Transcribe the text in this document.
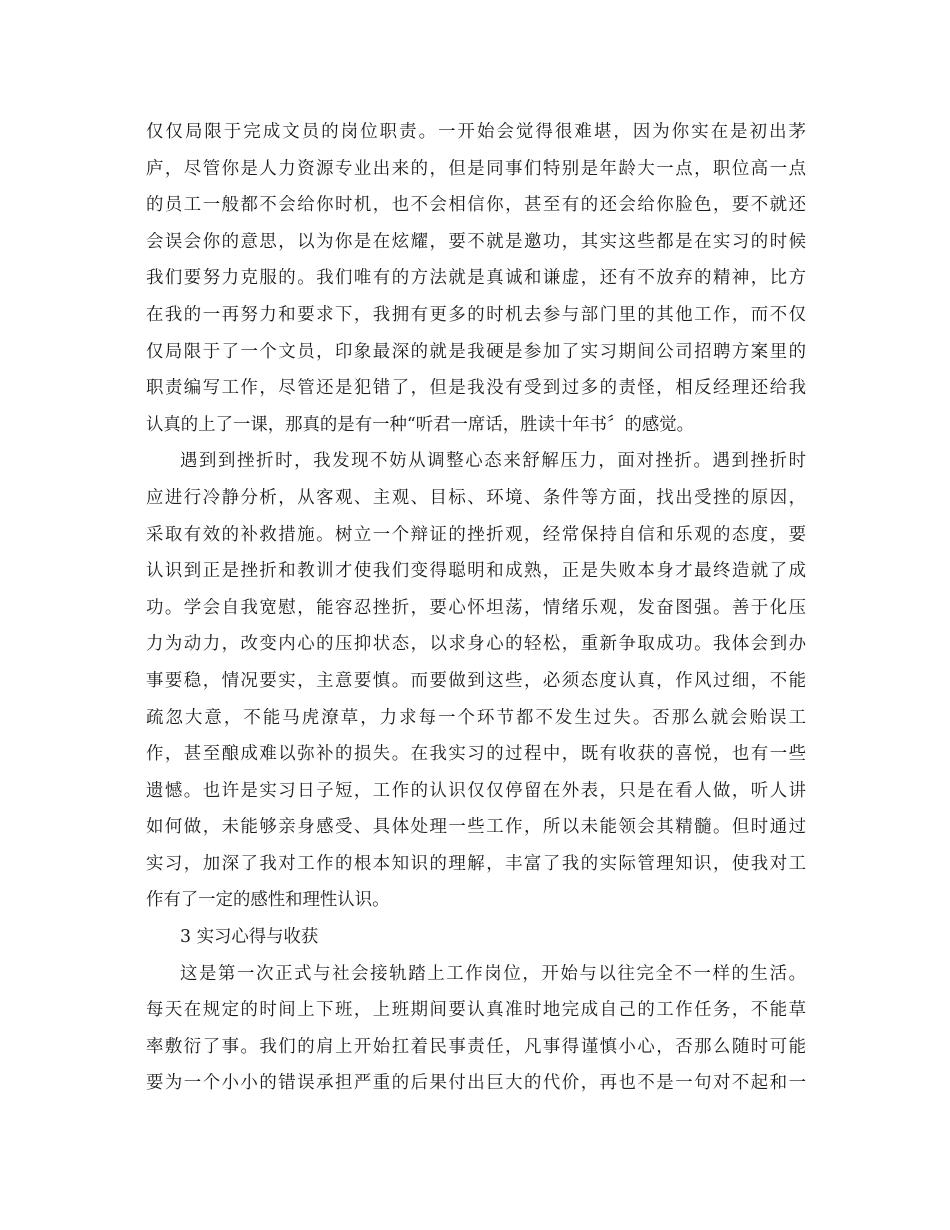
仅仅局限于完成文员的岗位职责。一开始会觉得很难堪，因为你实在是初出茅
庐，尽管你是人力资源专业出来的，但是同事们特别是年龄大一点，职位高一点
的员工一般都不会给你时机，也不会相信你，甚至有的还会给你脸色，要不就还
会误会你的意思，以为你是在炫耀，要不就是邀功，其实这些都是在实习的时候
我们要努力克服的。我们唯有的方法就是真诚和谦虚，还有不放弃的精神，比方
在我的一再努力和要求下，我拥有更多的时机去参与部门里的其他工作，而不仅
仅局限于了一个文员，印象最深的就是我硬是参加了实习期间公司招聘方案里的
职责编写工作，尽管还是犯错了，但是我没有受到过多的责怪，相反经理还给我
认真的上了一课，那真的是有一种“听君一席话，胜读十年书〞的感觉。
遇到到挫折时，我发现不妨从调整心态来舒解压力，面对挫折。遇到挫折时
应进行冷静分析，从客观、主观、目标、环境、条件等方面，找出受挫的原因，
采取有效的补救措施。树立一个辩证的挫折观，经常保持自信和乐观的态度，要
认识到正是挫折和教训才使我们变得聪明和成熟，正是失败本身才最终造就了成
功。学会自我宽慰，能容忍挫折，要心怀坦荡，情绪乐观，发奋图强。善于化压
力为动力，改变内心的压抑状态，以求身心的轻松，重新争取成功。我体会到办
事要稳，情况要实，主意要慎。而要做到这些，必须态度认真，作风过细，不能
疏忽大意，不能马虎潦草，力求每一个环节都不发生过失。否那么就会贻误工
作，甚至酿成难以弥补的损失。在我实习的过程中，既有收获的喜悦，也有一些
遗憾。也许是实习日子短，工作的认识仅仅停留在外表，只是在看人做，听人讲
如何做，未能够亲身感受、具体处理一些工作，所以未能领会其精髓。但时通过
实习，加深了我对工作的根本知识的理解，丰富了我的实际管理知识，使我对工
作有了一定的感性和理性认识。
3 实习心得与收获
这是第一次正式与社会接轨踏上工作岗位，开始与以往完全不一样的生活。
每天在规定的时间上下班，上班期间要认真准时地完成自己的工作任务，不能草
率敷衍了事。我们的肩上开始扛着民事责任，凡事得谨慎小心，否那么随时可能
要为一个小小的错误承担严重的后果付出巨大的代价，再也不是一句对不起和一
